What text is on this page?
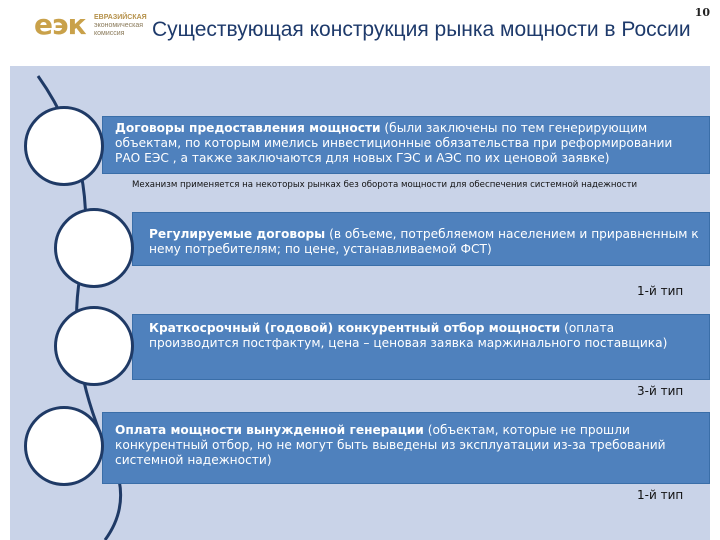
еэк ЕВРАЗИЙСКАЯ
экономическая
комиссия	Существующая конструкция рынка мощности в России
10
Договоры предоставления мощности (были заключены по тем генерирующим объектам, по которым имелись инвестиционные обязательства при реформировании РАО ЕЭС , а также заключаются для новых ГЭС и АЭС по их ценовой заявке)
Механизм применяется на некоторых рынках без оборота мощности для обеспечения системной надежности
Регулируемые договоры (в объеме, потребляемом населением и приравненным к нему потребителям; по цене, устанавливаемой ФСТ)
1-й тип
Краткосрочный (годовой) конкурентный отбор мощности (оплата производится постфактум, цена – ценовая заявка маржинального поставщика)
3-й тип
Оплата мощности вынужденной генерации (объектам, которые не прошли конкурентный отбор, но не могут быть выведены из эксплуатации из-за требований системной надежности)
1-й тип
